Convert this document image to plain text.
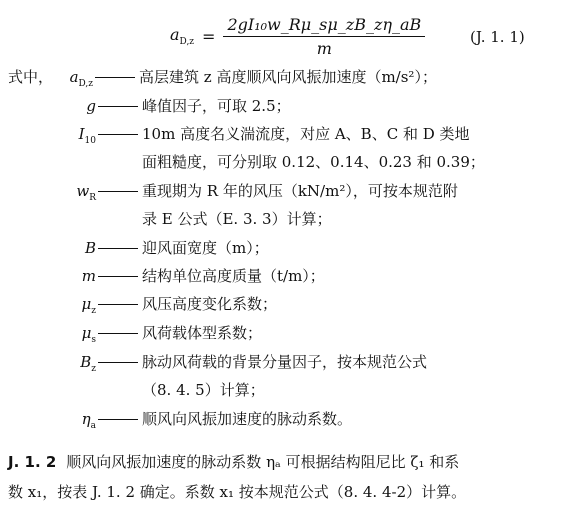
$a_{D,z} = \frac{\text{2gI₁₀w\_Rμ\_sμ\_zB\_zη\_aB}}{m}$	(J. 1. 1)
式中， $a_{D,z}$	高层建筑 z 高度顺风向风振加速度（m/s²）；
g	峰值因子，可取 2.5；
$I_{10}$	10m 高度名义湍流度，对应 A、B、C 和 D 类地
面粗糙度，可分别取 0.12、0.14、0.23 和 0.39；
$w_R$	重现期为 R 年的风压（kN/m²），可按本规范附
录 E 公式（E. 3. 3）计算；
B	迎风面宽度（m）；
m	结构单位高度质量（t/m）；
$\mu_z$	风压高度变化系数；
$\mu_s$	风荷载体型系数；
$B_z$	脉动风荷载的背景分量因子，按本规范公式
（8. 4. 5）计算；
$\eta_a$	顺风向风振加速度的脉动系数。
J. 1. 2 顺风向风振加速度的脉动系数 ηₐ 可根据结构阻尼比 ζ₁ 和系
数 x₁，按表 J. 1. 2 确定。系数 x₁ 按本规范公式（8. 4. 4-2）计算。
